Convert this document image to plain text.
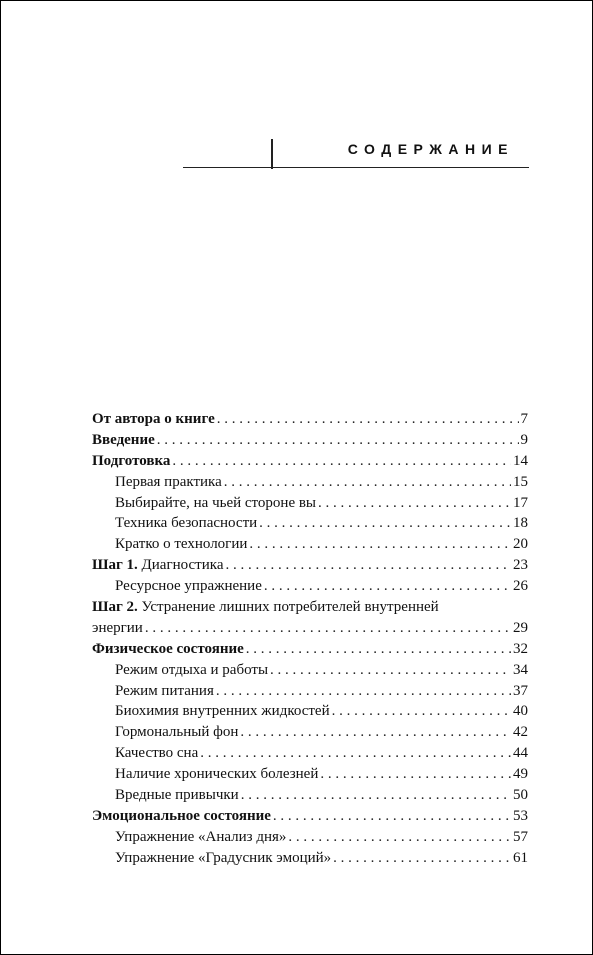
СОДЕРЖАНИЕ
От автора о книге . . .	7
Введение . . .	9
Подготовка . . .	14
Первая практика . . .	15
Выбирайте, на чьей стороне вы . . .	17
Техника безопасности . . .	18
Кратко о технологии . . .	20
Шаг 1. Диагностика . . .	23
Ресурсное упражнение . . .	26
Шаг 2. Устранение лишних потребителей внутренней
энергии . . .	29
Физическое состояние . . .	32
Режим отдыха и работы . . .	34
Режим питания . . .	37
Биохимия внутренних жидкостей . . .	40
Гормональный фон . . .	42
Качество сна . . .	44
Наличие хронических болезней . . .	49
Вредные привычки . . .	50
Эмоциональное состояние . . .	53
Упражнение «Анализ дня» . . .	57
Упражнение «Градусник эмоций» . . .	61
